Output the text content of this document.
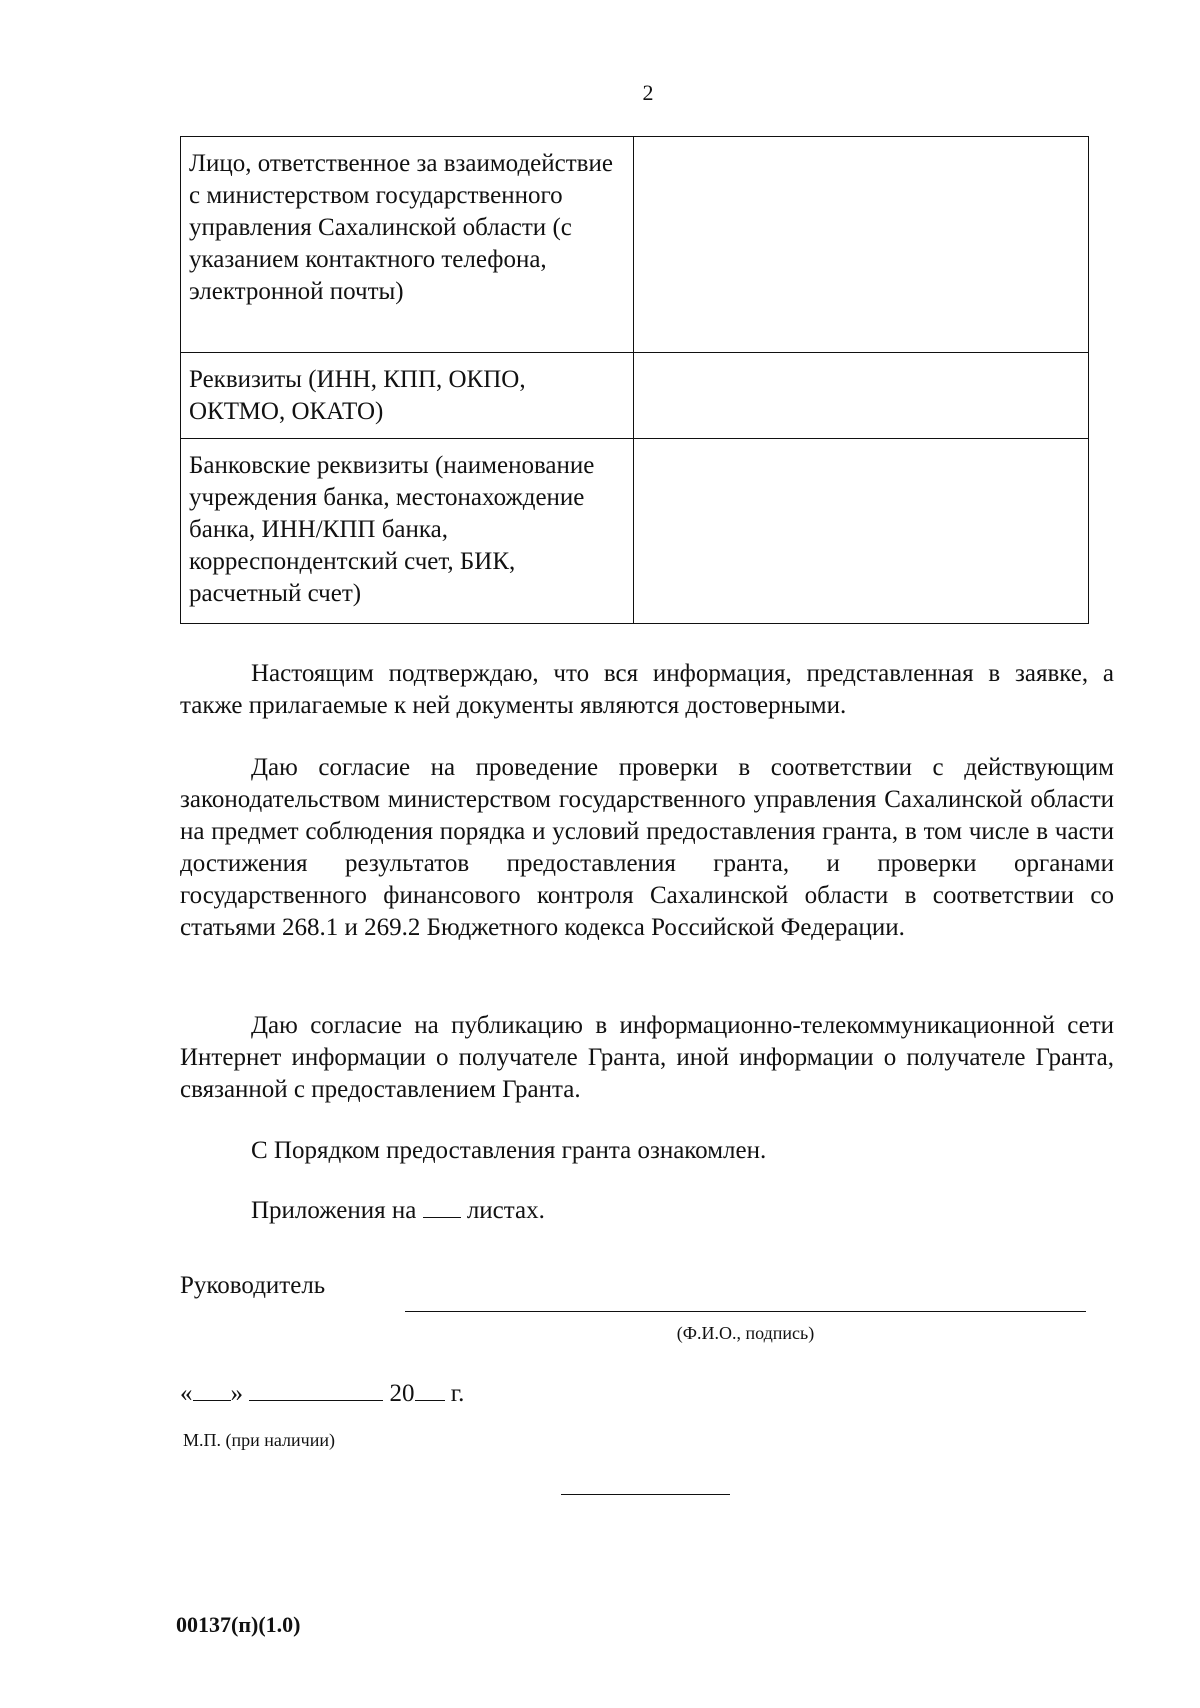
2
Лицо, ответственное за взаимодействие с министерством государственного управления Сахалинской области (с указанием контактного телефона, электронной почты)	
Реквизиты (ИНН, КПП, ОКПО, ОКТМО, ОКАТО)	
Банковские реквизиты (наименование учреждения банка, местонахождение банка, ИНН/КПП банка, корреспондентский счет, БИК, расчетный счет)	
Настоящим подтверждаю, что вся информация, представленная в заявке, а также прилагаемые к ней документы являются достоверными.
Даю согласие на проведение проверки в соответствии с действующим законодательством министерством государственного управления Сахалинской области на предмет соблюдения порядка и условий предоставления гранта, в том числе в части достижения результатов предоставления гранта, и проверки органами государственного финансового контроля Сахалинской области в соответствии со статьями 268.1 и 269.2 Бюджетного кодекса Российской Федерации.
Даю согласие на публикацию в информационно-телекоммуникационной сети Интернет информации о получателе Гранта, иной информации о получателе Гранта, связанной с предоставлением Гранта.
С Порядком предоставления гранта ознакомлен.
Приложения на листах.
Руководитель
(Ф.И.О., подпись)
« »	20 г.
М.П. (при наличии)
00137(п)(1.0)
